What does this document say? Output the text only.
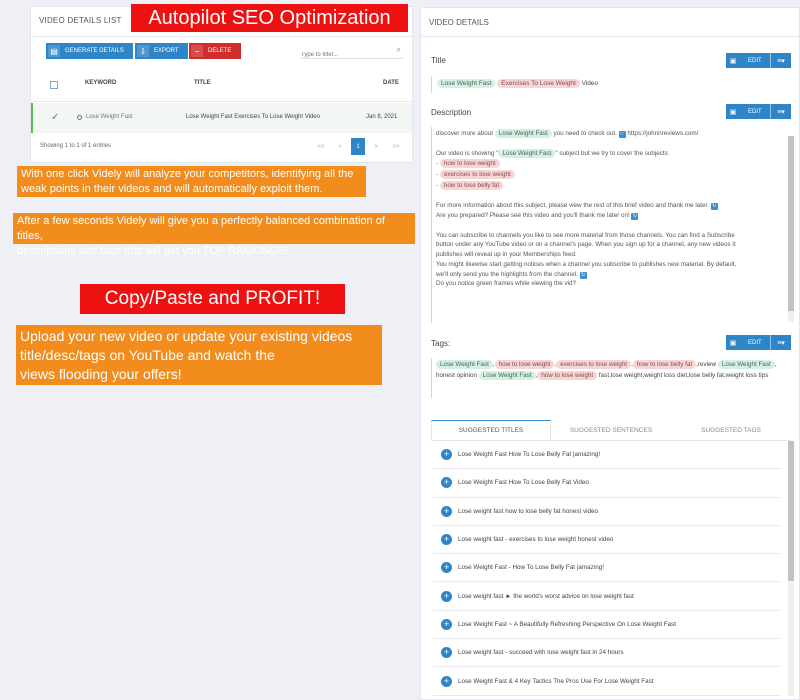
VIDEO DETAILS LIST
▤	GENERATE DETAILS	⇩	EXPORT	−	DELETE
Type to filter...	⌕
KEYWORD	TITLE	DATE
✓	Lose Weight Fast	Lose Weight Fast Exercises To Lose Weight Video	Jan 8, 2021
Showing 1 to 1 of 1 entries	<<	<	1	>	>>
Autopilot SEO Optimization
With one click Videly will analyze your competitors, identifying all the
weak points in their videos and will automatically exploit them.
After a few seconds Videly will give you a perfectly balanced combination of titles,
descriptions and tags that will get you TOP RANKINGS!
Copy/Paste and PROFIT!
Upload your new video or update your existing videos
title/desc/tags on YouTube and watch the
views flooding your offers!
VIDEO DETAILS
Title	▣	EDIT	≡▾
Lose Weight Fast Exercises To Lose Weight Video
Description	▣	EDIT	≡▾

discover more about Lose Weight Fast you need to check out. ☞ https://johnnreviews.com/

Our video is showing " Lose Weight Fast " subject but we try to cover the subjects

- how to lose weight

- exercises to lose weight

- how to lose belly fat

For more information about this subject, please view the rest of this brief video and thank me later. ↻

Are you prepared? Please see this video and you'll thank me later on! ↻

You can subscribe to channels you like to see more material from those channels. You can find a Subscribe

button under any YouTube video or on a channel's page. When you sign up for a channel, any new videos it

publishes will reveal up in your Memberships feed.

You might likewise start getting notices when a channel you subscribe to publishes new material. By default,

we'll only send you the highlights from the channel. ↻

Do you notice green frames while viewing the vid?

Tags:	▣	EDIT	≡▾
Lose Weight Fast , how to lose weight exercises to lose weight , how to lose belly fat ,review Lose Weight Fast , honest opinion Lose Weight Fast how to lose weight fast,lose weight,weight loss diet,lose belly fat,weight loss tips
SUGGESTED TITLES	SUGGESTED SENTENCES	SUGGESTED TAGS
+	Lose Weight Fast How To Lose Belly Fat |amazing!
+	Lose Weight Fast How To Lose Belly Fat Video
+	Lose weight fast how to lose belly fat honest video
+	Lose weight fast - exercises to lose weight honest video
+	Lose Weight Fast - How To Lose Belly Fat |amazing!
+	Lose weight fast ► the world's worst advice on lose weight fast
+	Lose Weight Fast ~ A Beautifully Refreshing Perspective On Lose Weight Fast
+	Lose weight fast - succeed with lose weight fast in 24 hours
+	Lose Weight Fast & 4 Key Tactics The Pros Use For Lose Weight Fast
